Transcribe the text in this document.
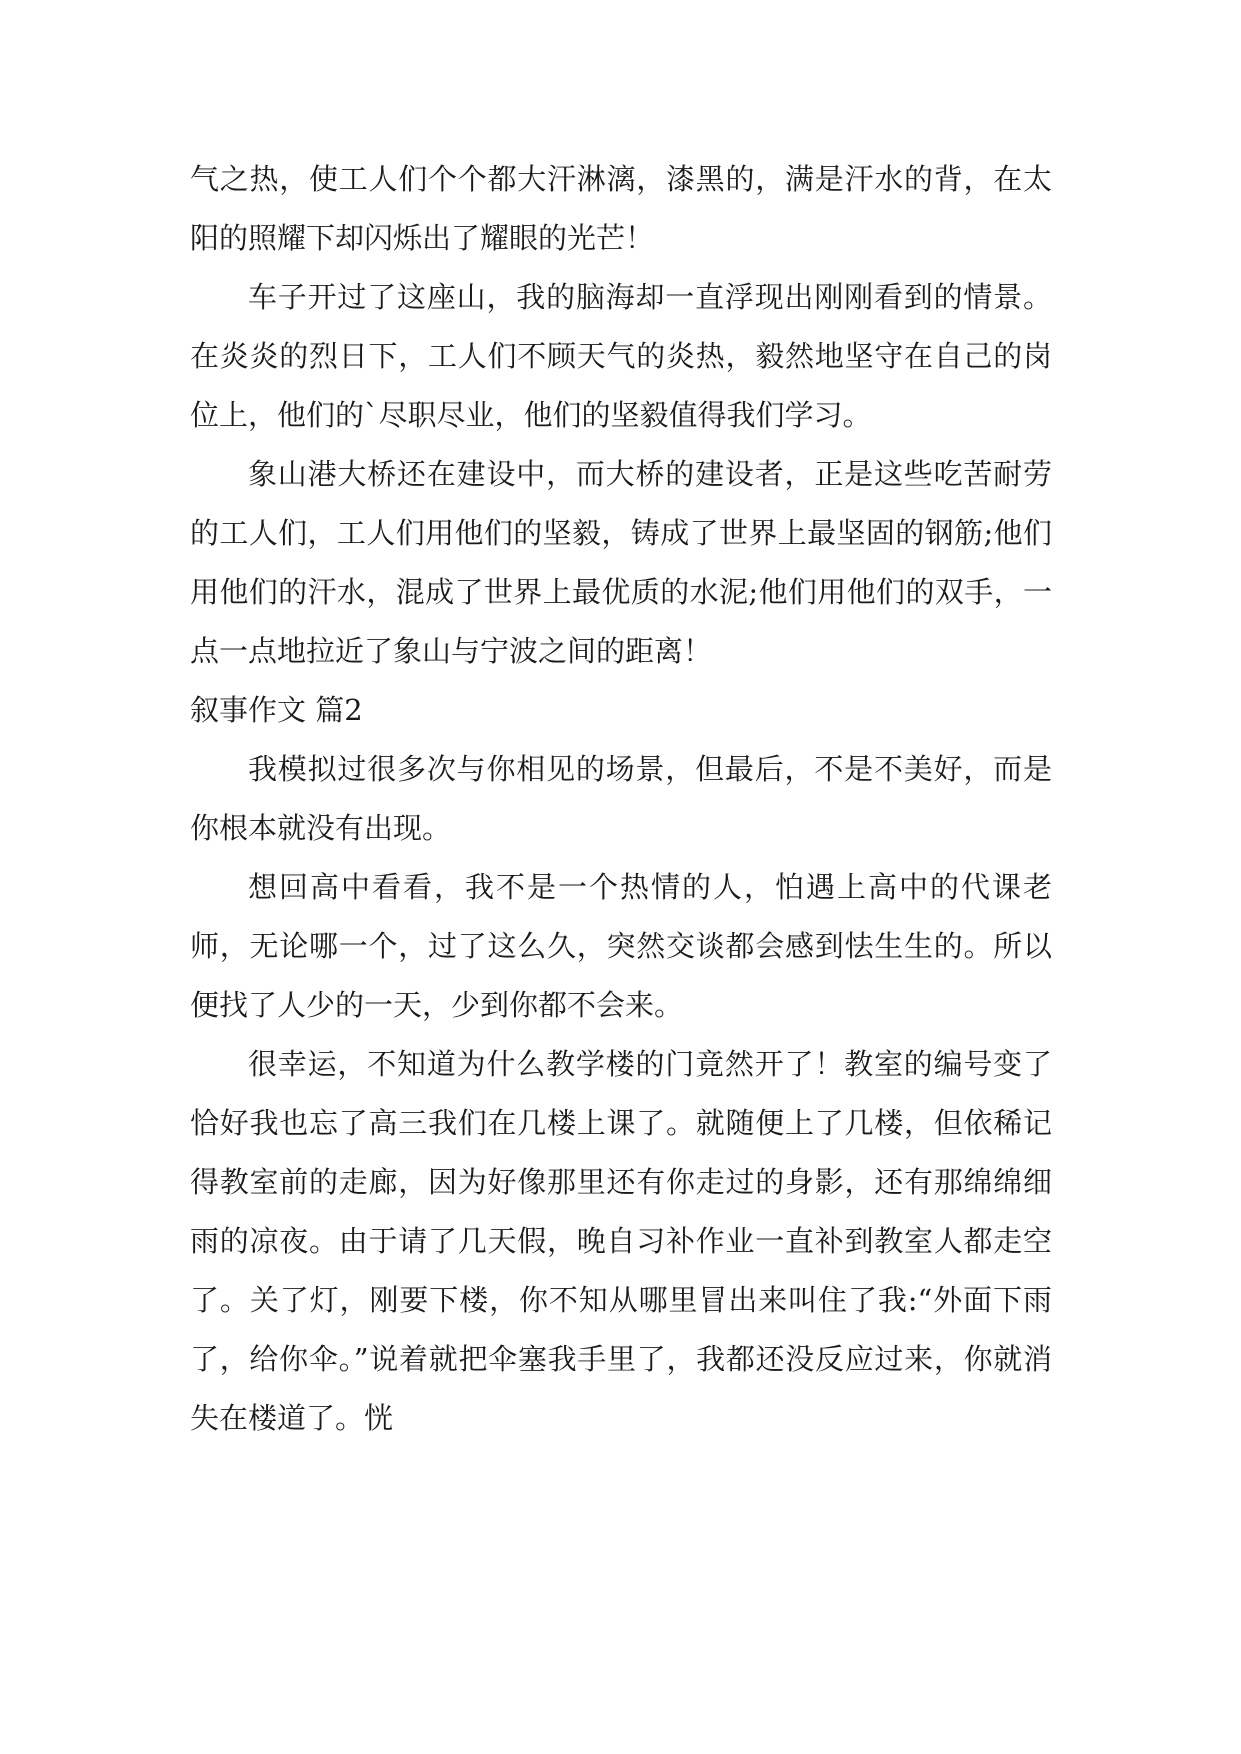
气之热，使工人们个个都大汗淋漓，漆黑的，满是汗水的背，在太阳的照耀下却闪烁出了耀眼的光芒！

车子开过了这座山，我的脑海却一直浮现出刚刚看到的情景。在炎炎的烈日下，工人们不顾天气的炎热，毅然地坚守在自己的岗位上，他们的`尽职尽业，他们的坚毅值得我们学习。

象山港大桥还在建设中，而大桥的建设者，正是这些吃苦耐劳的工人们，工人们用他们的坚毅，铸成了世界上最坚固的钢筋;他们用他们的汗水，混成了世界上最优质的水泥;他们用他们的双手，一点一点地拉近了象山与宁波之间的距离！

叙事作文 篇2

我模拟过很多次与你相见的场景，但最后，不是不美好，而是你根本就没有出现。

想回高中看看，我不是一个热情的人，怕遇上高中的代课老师，无论哪一个，过了这么久，突然交谈都会感到怯生生的。所以便找了人少的一天，少到你都不会来。

很幸运，不知道为什么教学楼的门竟然开了！教室的编号变了恰好我也忘了高三我们在几楼上课了。就随便上了几楼，但依稀记得教室前的走廊，因为好像那里还有你走过的身影，还有那绵绵细雨的凉夜。由于请了几天假，晚自习补作业一直补到教室人都走空了。关了灯，刚要下楼，你不知从哪里冒出来叫住了我:“外面下雨了，给你伞。”说着就把伞塞我手里了，我都还没反应过来，你就消失在楼道了。恍
